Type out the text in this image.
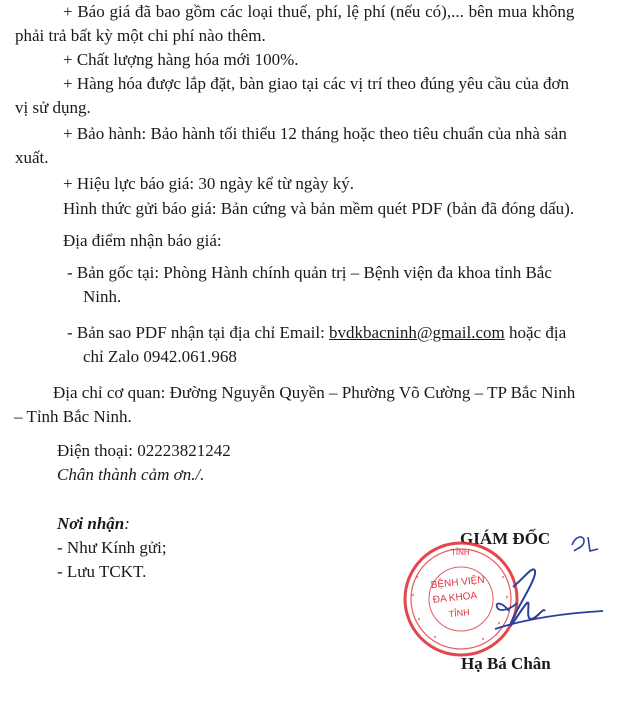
+ Báo giá đã bao gồm các loại thuế, phí, lệ phí (nếu có),... bên mua không
phải trả bất kỳ một chi phí nào thêm.
+ Chất lượng hàng hóa mới 100%.
+ Hàng hóa được lắp đặt, bàn giao tại các vị trí theo đúng yêu cầu của đơn
vị sử dụng.
+ Bảo hành: Bảo hành tối thiểu 12 tháng hoặc theo tiêu chuẩn của nhà sản
xuất.
+ Hiệu lực báo giá: 30 ngày kể từ ngày ký.
Hình thức gửi báo giá: Bản cứng và bản mềm quét PDF (bản đã đóng dấu).
Địa điểm nhận báo giá:
- Bản gốc tại: Phòng Hành chính quản trị – Bệnh viện đa khoa tỉnh Bắc
Ninh.
- Bản sao PDF nhận tại địa chỉ Email: bvdkbacninh@gmail.com hoặc địa
chỉ Zalo 0942.061.968
Địa chỉ cơ quan: Đường Nguyễn Quyền – Phường Võ Cường – TP Bắc Ninh
– Tỉnh Bắc Ninh.
Điện thoại: 02223821242
Chân thành cảm ơn./.
Nơi nhận:
- Như Kính gửi;
- Lưu TCKT.
GIÁM ĐỐC
TỈNH
BỆNH VIỆN
ĐA KHOA
TỈNH
Hạ Bá Chân
